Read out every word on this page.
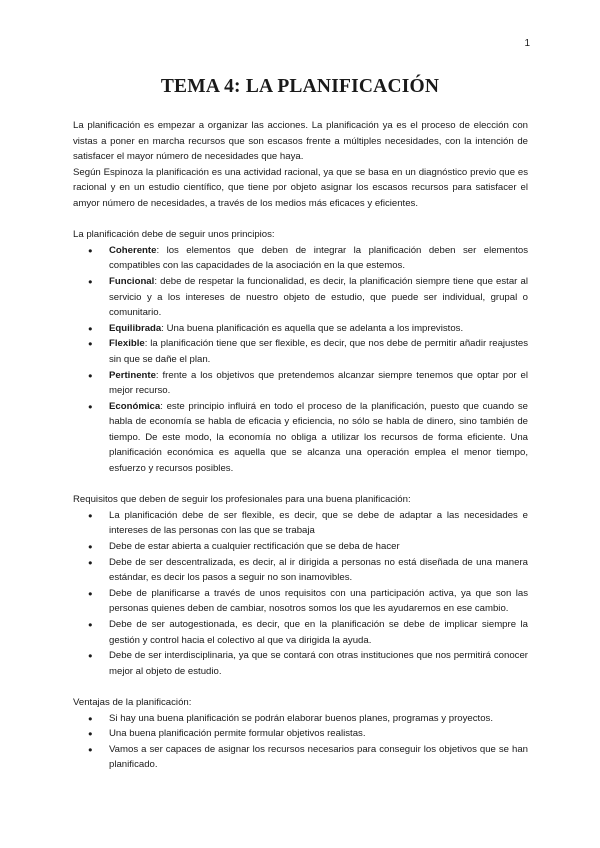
1
TEMA 4: LA PLANIFICACIÓN

La planificación es empezar a organizar las acciones. La planificación ya es el proceso de elección con vistas a poner en marcha recursos que son escasos frente a múltiples necesidades, con la intención de satisfacer el mayor número de necesidades que haya.

Según Espinoza la planificación es una actividad racional, ya que se basa en un diagnóstico previo que es racional y en un estudio científico, que tiene por objeto asignar los escasos recursos para satisfacer el amyor número de necesidades, a través de los medios más eficaces y eficientes.

La planificación debe de seguir unos principios:

● Coherente: los elementos que deben de integrar la planificación deben ser elementos compatibles con las capacidades de la asociación en la que estemos.
● Funcional: debe de respetar la funcionalidad, es decir, la planificación siempre tiene que estar al servicio y a los intereses de nuestro objeto de estudio, que puede ser individual, grupal o comunitario.
● Equilibrada: Una buena planificación es aquella que se adelanta a los imprevistos.
● Flexible: la planificación tiene que ser flexible, es decir, que nos debe de permitir añadir reajustes sin que se dañe el plan.
● Pertinente: frente a los objetivos que pretendemos alcanzar siempre tenemos que optar por el mejor recurso.
● Económica: este principio influirá en todo el proceso de la planificación, puesto que cuando se habla de economía se habla de eficacia y eficiencia, no sólo se habla de dinero, sino también de tiempo. De este modo, la economía no obliga a utilizar los recursos de forma eficiente. Una planificación económica es aquella que se alcanza una operación emplea el menor tiempo, esfuerzo y recursos posibles.

Requisitos que deben de seguir los profesionales para una buena planificación:

● La planificación debe de ser flexible, es decir, que se debe de adaptar a las necesidades e intereses de las personas con las que se trabaja
● Debe de estar abierta a cualquier rectificación que se deba de hacer
● Debe de ser descentralizada, es decir, al ir dirigida a personas no está diseñada de una manera estándar, es decir los pasos a seguir no son inamovibles.
● Debe de planificarse a través de unos requisitos con una participación activa, ya que son las personas quienes deben de cambiar, nosotros somos los que les ayudaremos en ese cambio.
● Debe de ser autogestionada, es decir, que en la planificación se debe de implicar siempre la gestión y control hacia el colectivo al que va dirigida la ayuda.
● Debe de ser interdisciplinaria, ya que se contará con otras instituciones que nos permitirá conocer mejor al objeto de estudio.

Ventajas de la planificación:

● Si hay una buena planificación se podrán elaborar buenos planes, programas y proyectos.
● Una buena planificación permite formular objetivos realistas.
● Vamos a ser capaces de asignar los recursos necesarios para conseguir los objetivos que se han planificado.
